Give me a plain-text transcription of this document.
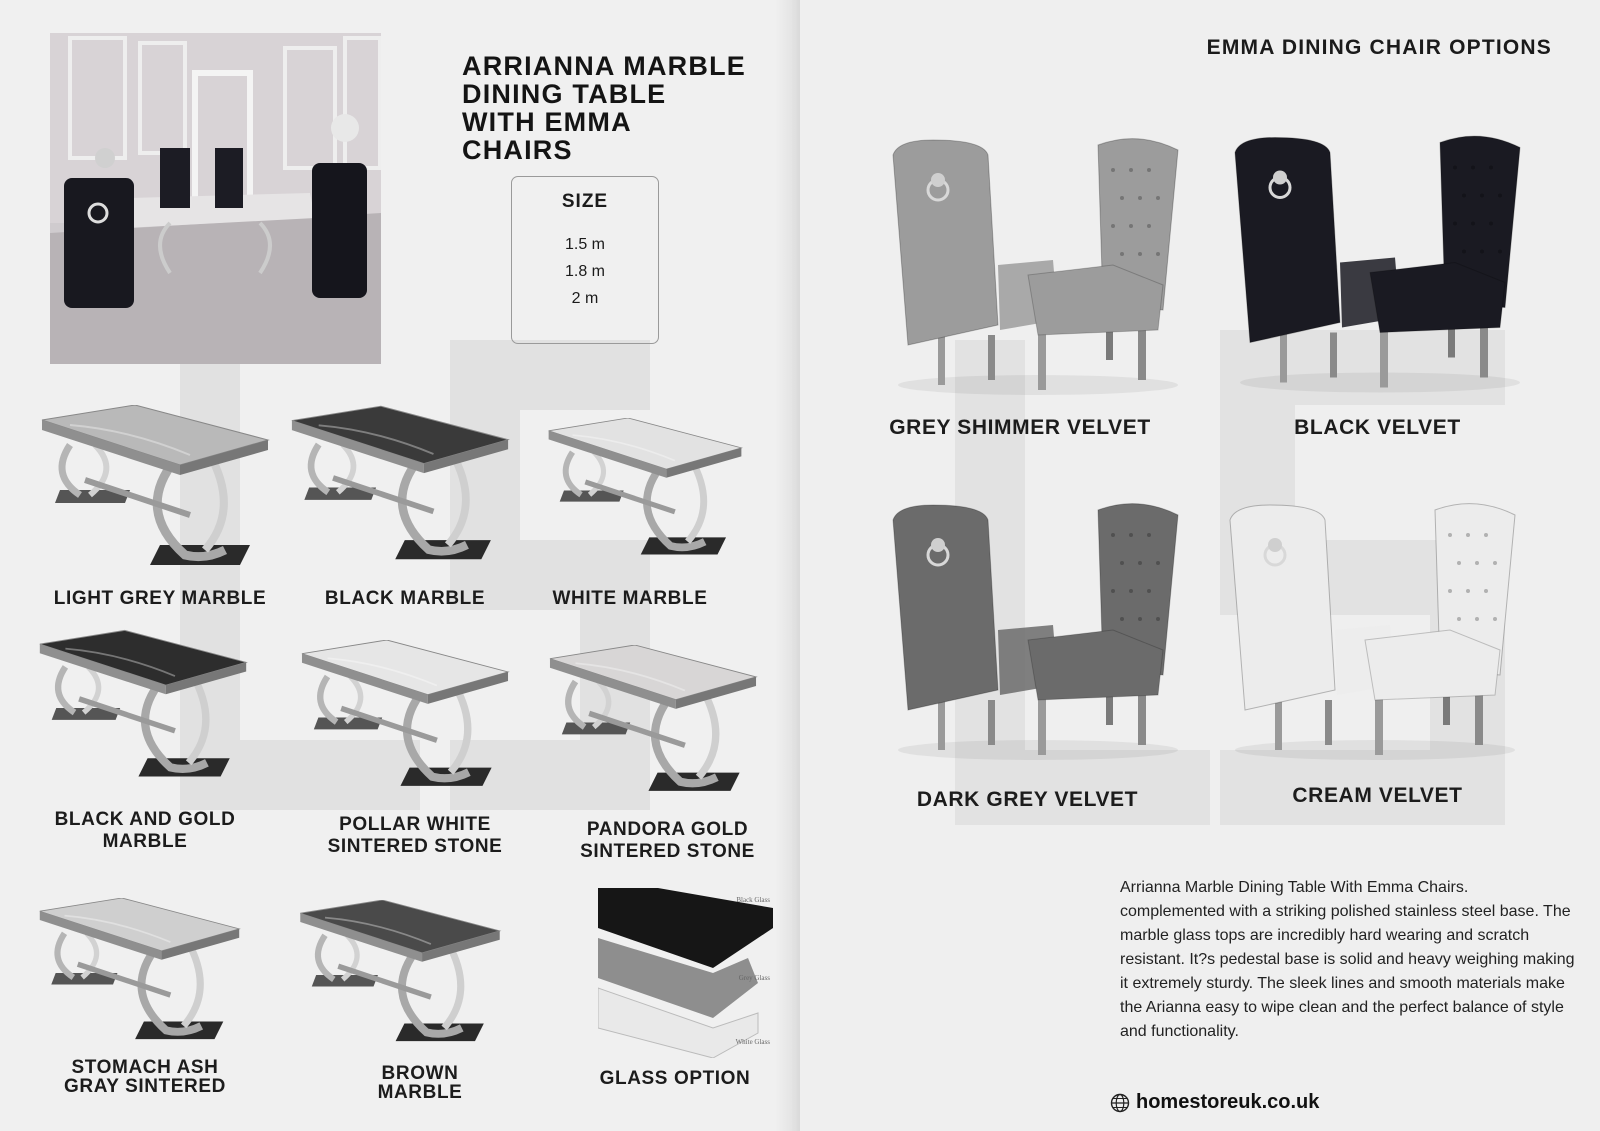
ARRIANNA MARBLE
DINING TABLE
WITH EMMA
CHAIRS
SIZE
1.5 m
1.8 m
2 m
LIGHT GREY MARBLE	BLACK MARBLE	WHITE MARBLE
BLACK AND GOLD
MARBLE
POLLAR WHITE
SINTERED STONE
PANDORA GOLD
SINTERED STONE
STOMACH ASH
GRAY SINTERED
BROWN
MARBLE
Black Glass
Grey Glass
White Glass
GLASS OPTION
EMMA DINING CHAIR OPTIONS
GREY SHIMMER VELVET	BLACK VELVET
DARK GREY VELVET	CREAM VELVET

Arrianna Marble Dining Table With Emma Chairs. complemented with a striking polished stainless steel base. The marble glass tops are incredibly hard wearing and scratch resistant. It?s pedestal base is solid and heavy weighing making it extremely sturdy. The sleek lines and smooth materials make the Arianna easy to wipe clean and the perfect balance of style and functionality.

homestoreuk.co.uk
